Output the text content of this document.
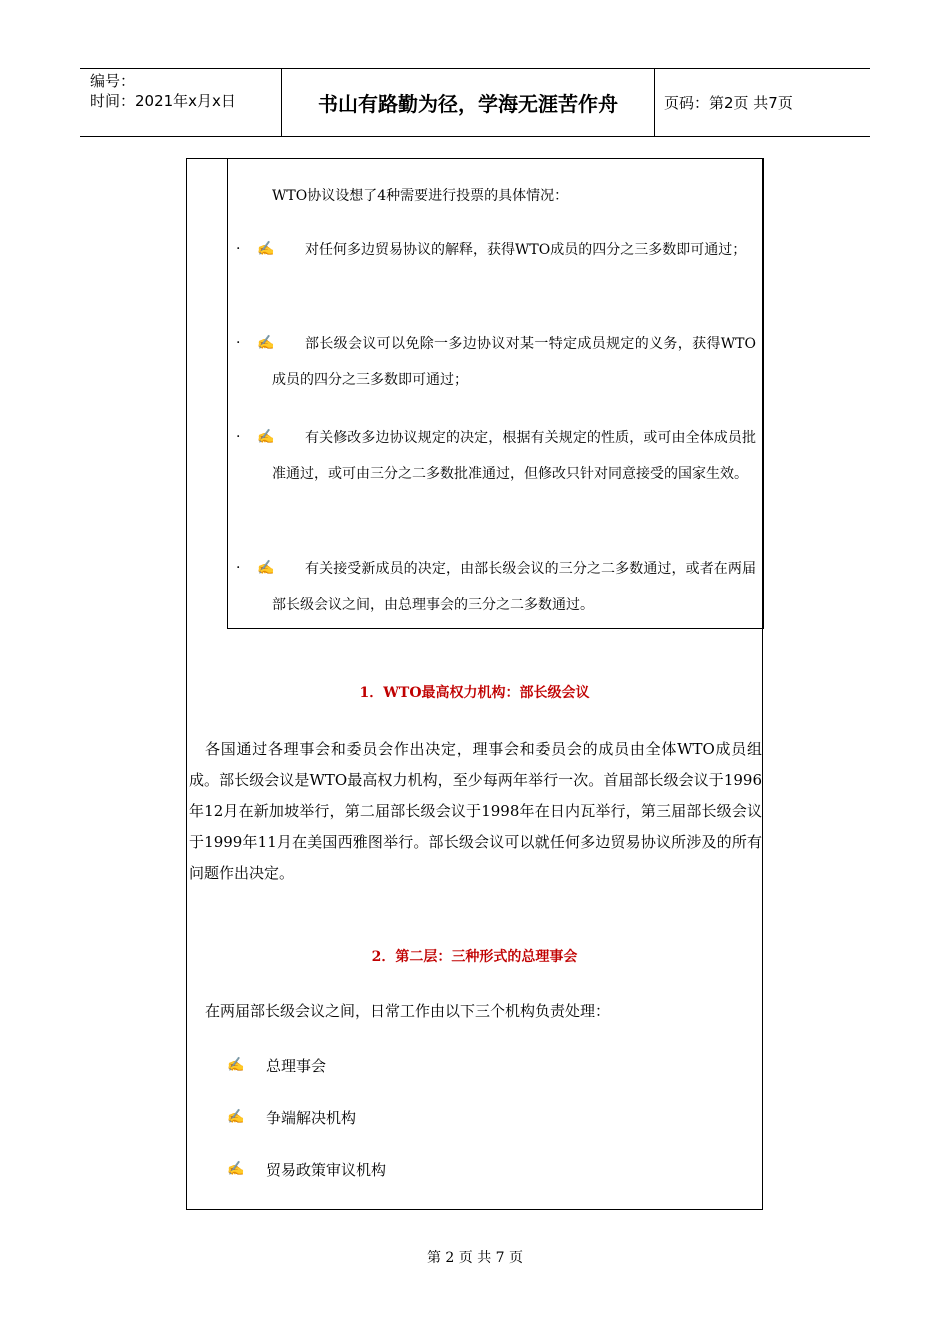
编号：
时间：2021年x月x日	书山有路勤为径，学海无涯苦作舟	页码：第2页 共7页
WTO协议设想了4种需要进行投票的具体情况：
· ✍	对任何多边贸易协议的解释，获得WTO成员的四分之三多数即可通过；
· ✍	部长级会议可以免除一多边协议对某一特定成员规定的义务，获得WTO成员的四分之三多数即可通过；
· ✍	有关修改多边协议规定的决定，根据有关规定的性质，或可由全体成员批准通过，或可由三分之二多数批准通过，但修改只针对同意接受的国家生效。
· ✍	有关接受新成员的决定，由部长级会议的三分之二多数通过，或者在两届部长级会议之间，由总理事会的三分之二多数通过。
1．WTO最高权力机构：部长级会议
各国通过各理事会和委员会作出决定，理事会和委员会的成员由全体WTO成员组成。部长级会议是WTO最高权力机构，至少每两年举行一次。首届部长级会议于1996年12月在新加坡举行，第二届部长级会议于1998年在日内瓦举行，第三届部长级会议于1999年11月在美国西雅图举行。部长级会议可以就任何多边贸易协议所涉及的所有问题作出决定。
2．第二层：三种形式的总理事会
在两届部长级会议之间，日常工作由以下三个机构负责处理：
✍ 总理事会
✍ 争端解决机构
✍ 贸易政策审议机构
第 2 页 共 7 页
